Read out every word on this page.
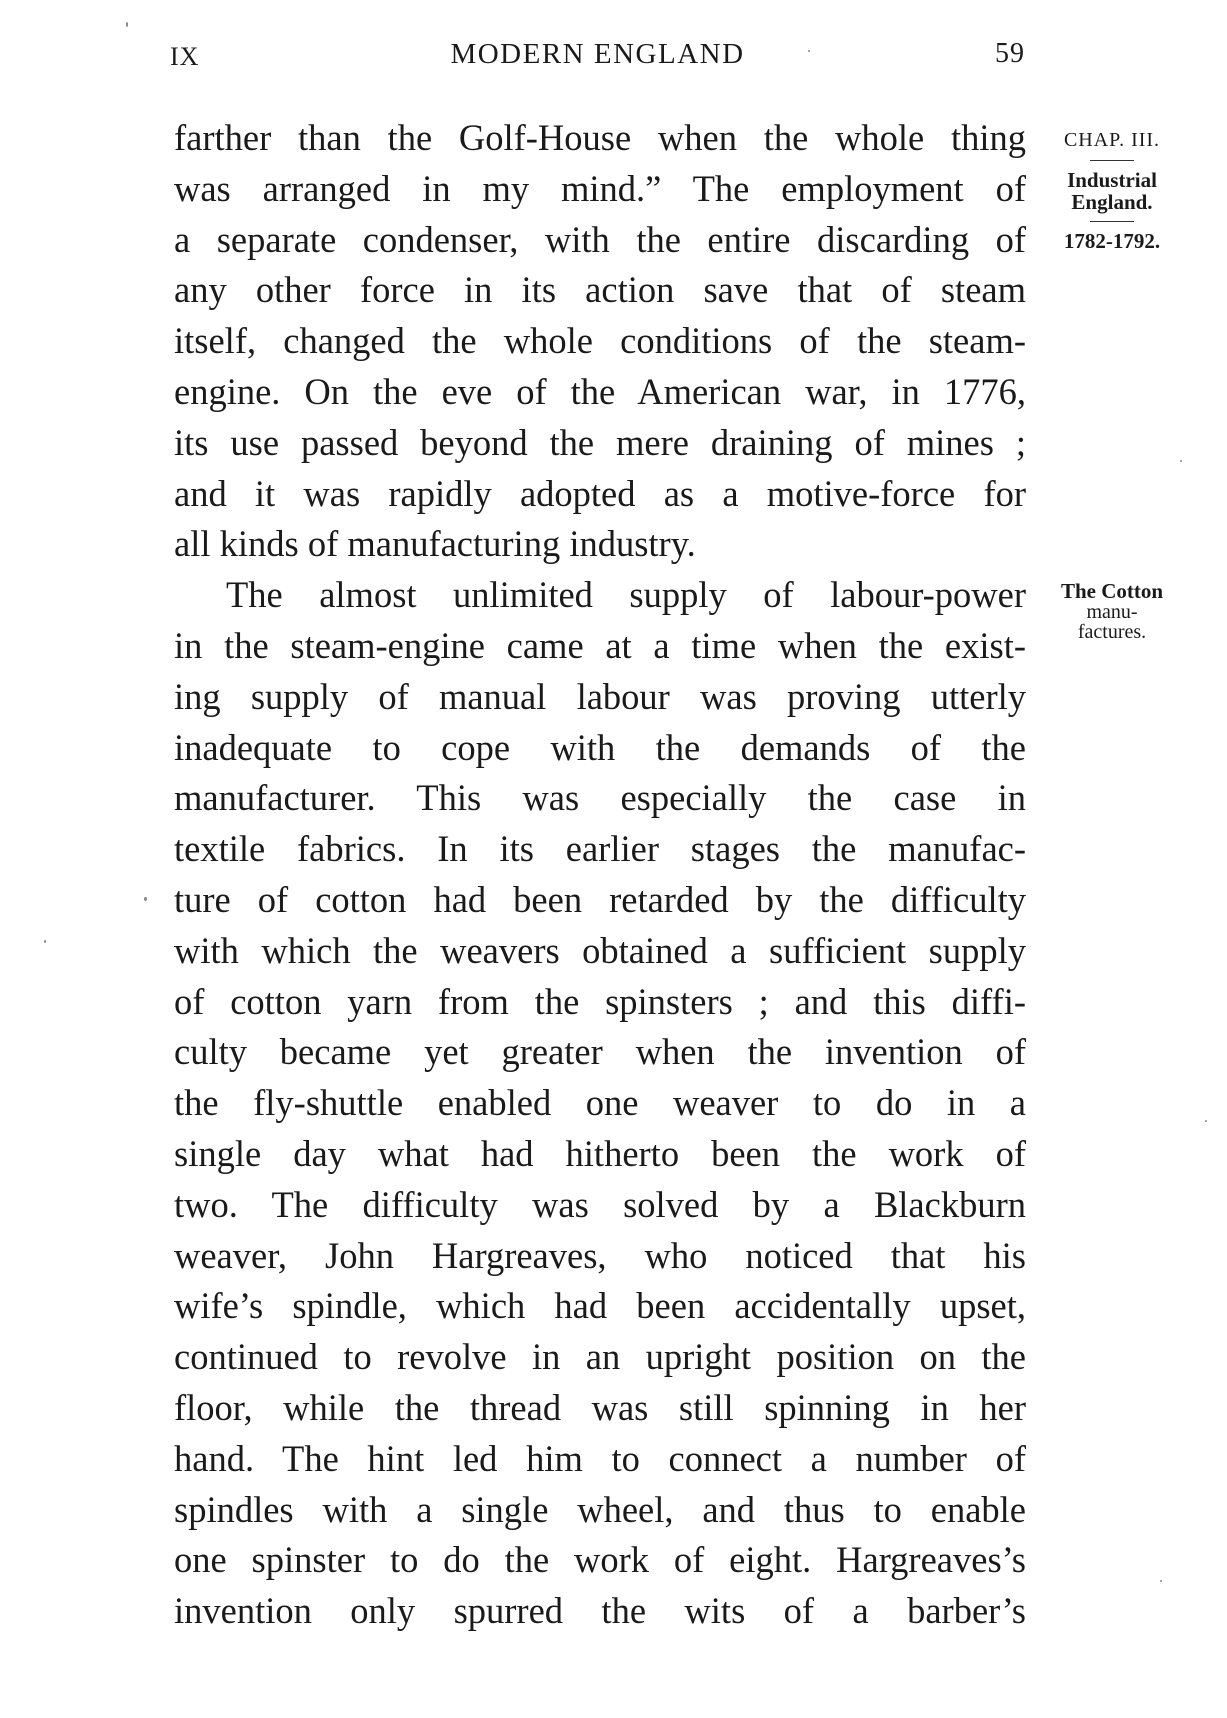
IX	MODERN ENGLAND	59
farther than the Golf-House when the whole thing
was arranged in my mind.” The employment of
a separate condenser, with the entire discarding of
any other force in its action save that of steam
itself, changed the whole conditions of the steam-
engine. On the eve of the American war, in 1776,
its use passed beyond the mere draining of mines ;
and it was rapidly adopted as a motive-force for
all kinds of manufacturing industry.
The almost unlimited supply of labour-power
in the steam-engine came at a time when the exist-
ing supply of manual labour was proving utterly
inadequate to cope with the demands of the
manufacturer. This was especially the case in
textile fabrics. In its earlier stages the manufac-
ture of cotton had been retarded by the difficulty
with which the weavers obtained a sufficient supply
of cotton yarn from the spinsters ; and this diffi-
culty became yet greater when the invention of
the fly-shuttle enabled one weaver to do in a
single day what had hitherto been the work of
two. The difficulty was solved by a Blackburn
weaver, John Hargreaves, who noticed that his
wife’s spindle, which had been accidentally upset,
continued to revolve in an upright position on the
floor, while the thread was still spinning in her
hand. The hint led him to connect a number of
spindles with a single wheel, and thus to enable
one spinster to do the work of eight. Hargreaves’s
invention only spurred the wits of a barber’s
CHAP. III.
Industrial
England.
1782-1792.
The Cotton
manu-
factures.
